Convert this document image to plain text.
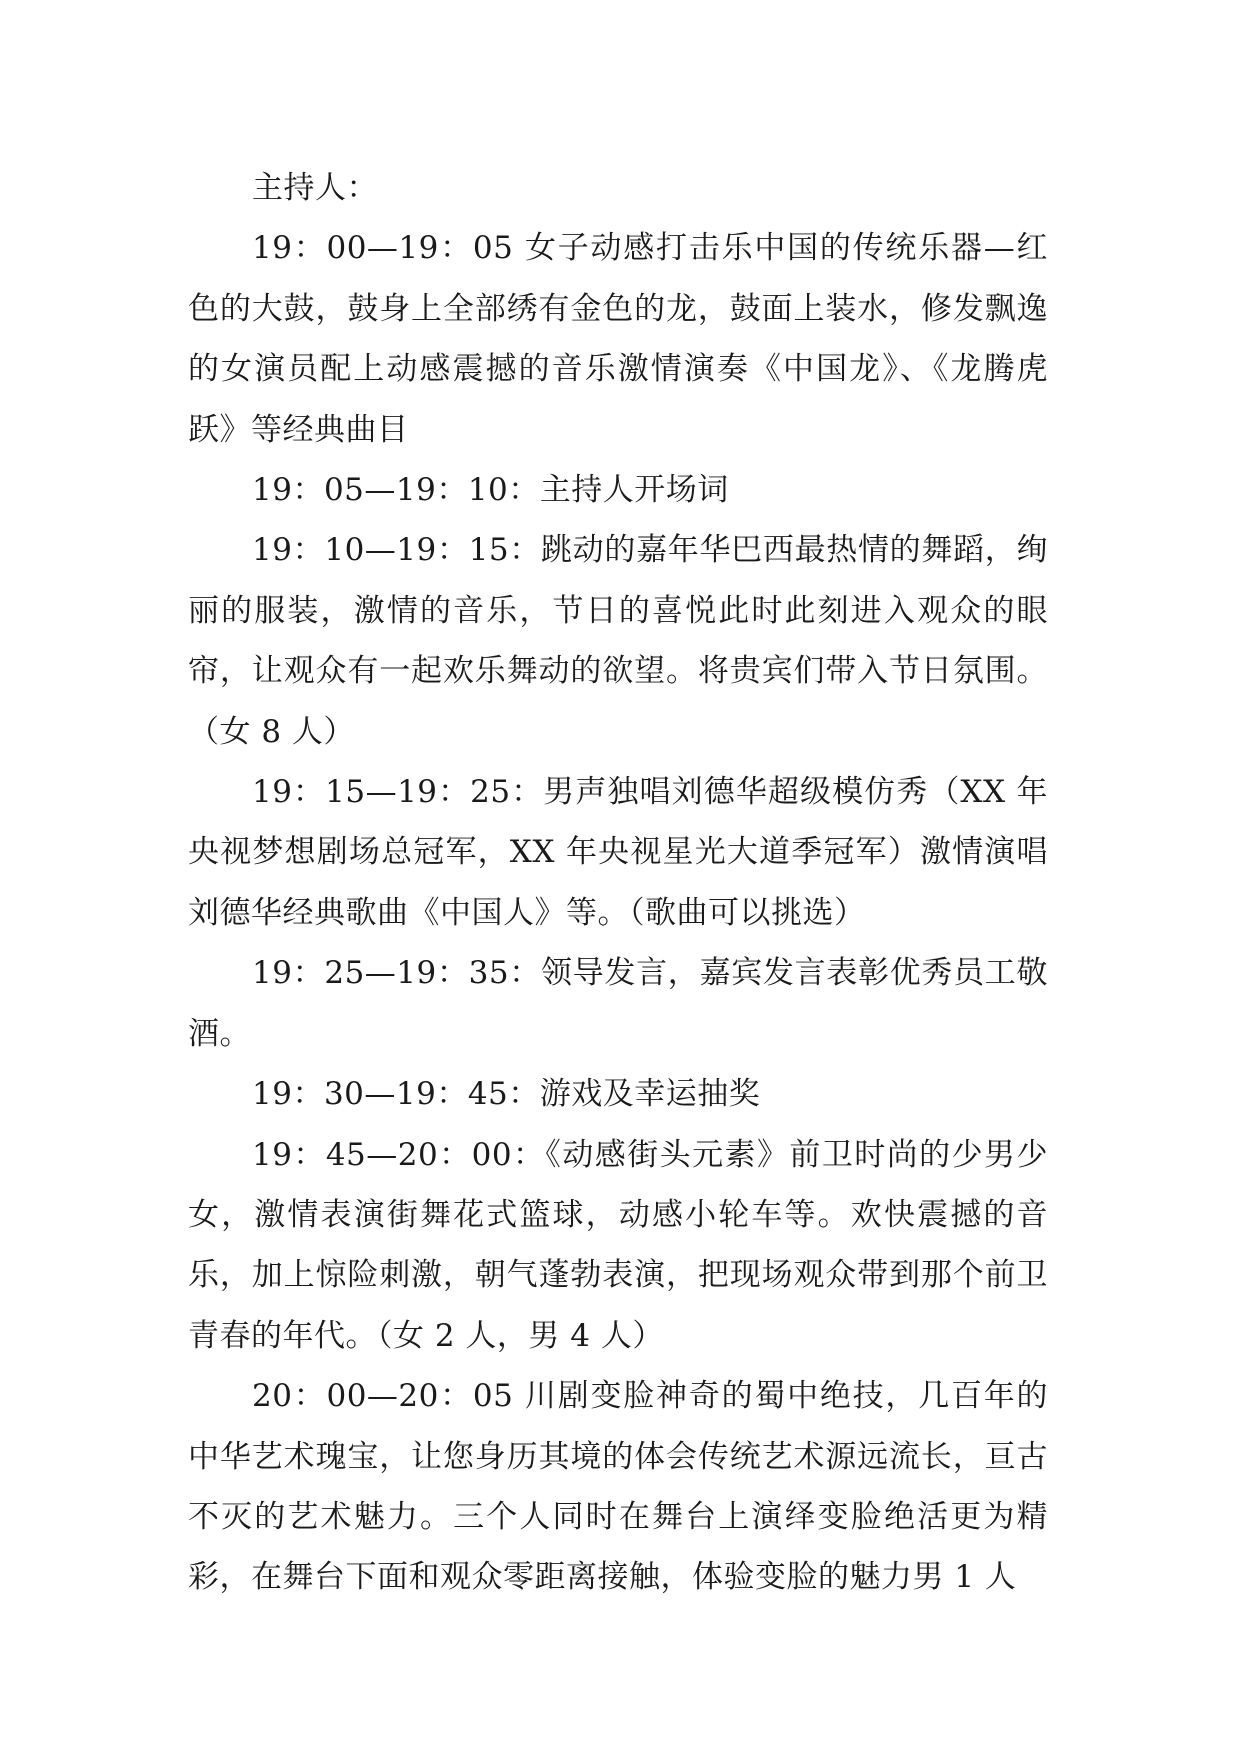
主持人：

19：00—19：05 女子动感打击乐中国的传统乐器—红色的大鼓，鼓身上全部绣有金色的龙，鼓面上装水，修发飘逸的女演员配上动感震撼的音乐激情演奏《中国龙》、《龙腾虎跃》等经典曲目

19：05—19：10：主持人开场词

19：10—19：15：跳动的嘉年华巴西最热情的舞蹈，绚丽的服装，激情的音乐，节日的喜悦此时此刻进入观众的眼帘，让观众有一起欢乐舞动的欲望。将贵宾们带入节日氛围。（女 8 人）

19：15—19：25：男声独唱刘德华超级模仿秀（XX 年央视梦想剧场总冠军，XX 年央视星光大道季冠军）激情演唱刘德华经典歌曲《中国人》等。（歌曲可以挑选）

19：25—19：35：领导发言，嘉宾发言表彰优秀员工敬酒。

19：30—19：45：游戏及幸运抽奖

19：45—20：00：《动感街头元素》前卫时尚的少男少女，激情表演街舞花式篮球，动感小轮车等。欢快震撼的音乐，加上惊险刺激，朝气蓬勃表演，把现场观众带到那个前卫青春的年代。（女 2 人，男 4 人）

20：00—20：05 川剧变脸神奇的蜀中绝技，几百年的中华艺术瑰宝，让您身历其境的体会传统艺术源远流长，亘古不灭的艺术魅力。三个人同时在舞台上演绎变脸绝活更为精彩，在舞台下面和观众零距离接触，体验变脸的魅力男 1 人
